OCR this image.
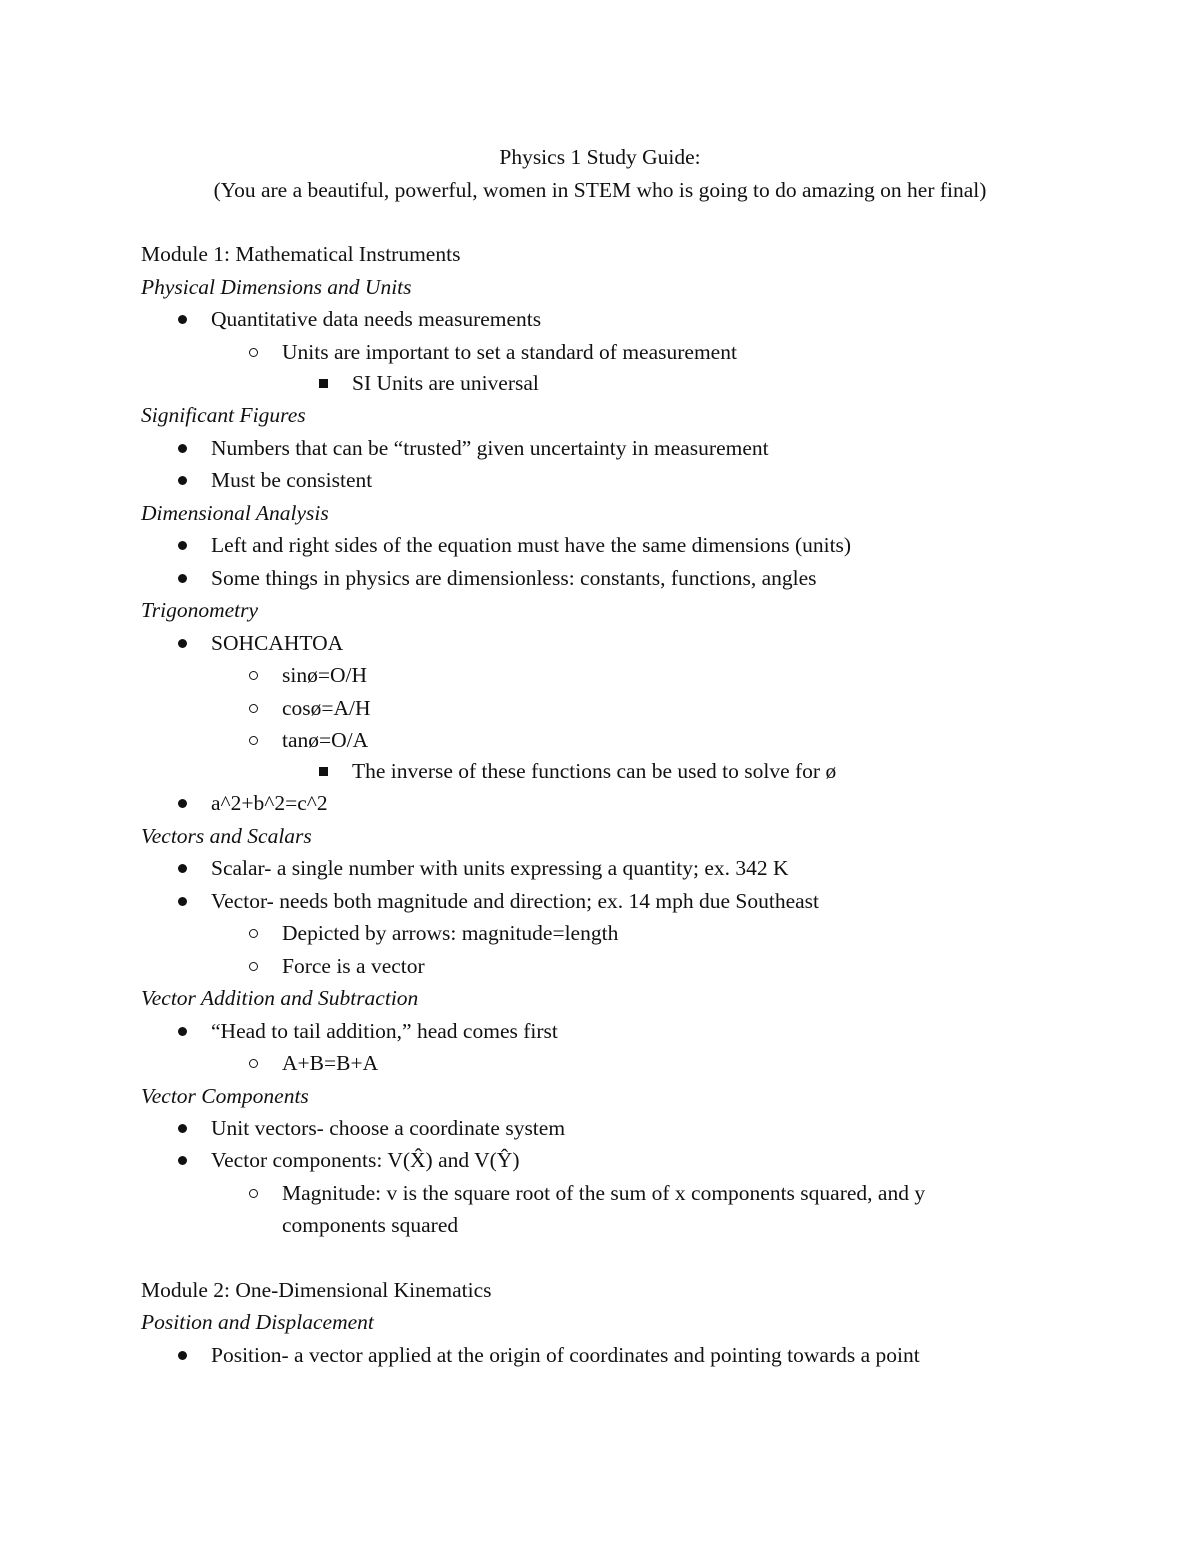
Physics 1 Study Guide:
(You are a beautiful, powerful, women in STEM who is going to do amazing on her final)
Module 1: Mathematical Instruments
Physical Dimensions and Units
Quantitative data needs measurements
Units are important to set a standard of measurement
SI Units are universal
Significant Figures
Numbers that can be “trusted” given uncertainty in measurement
Must be consistent
Dimensional Analysis
Left and right sides of the equation must have the same dimensions (units)
Some things in physics are dimensionless: constants, functions, angles
Trigonometry
SOHCAHTOA
sinø=O/H
cosø=A/H
tanø=O/A
The inverse of these functions can be used to solve for ø
a^2+b^2=c^2
Vectors and Scalars
Scalar- a single number with units expressing a quantity; ex. 342 K
Vector- needs both magnitude and direction; ex. 14 mph due Southeast
Depicted by arrows: magnitude=length
Force is a vector
Vector Addition and Subtraction
“Head to tail addition,” head comes first
A+B=B+A
Vector Components
Unit vectors- choose a coordinate system
Vector components: V(X̂) and V(Ŷ)
Magnitude: v is the square root of the sum of x components squared, and y
components squared
Module 2: One-Dimensional Kinematics
Position and Displacement
Position- a vector applied at the origin of coordinates and pointing towards a point
